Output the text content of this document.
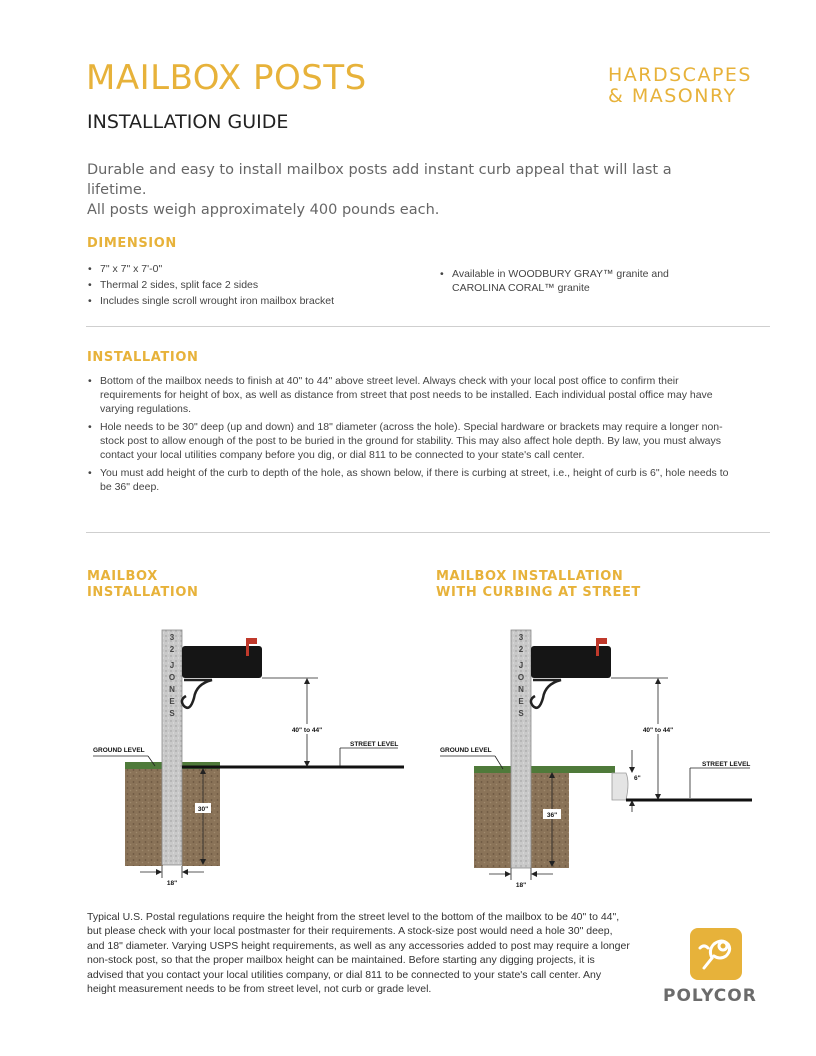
MAILBOX POSTS
INSTALLATION GUIDE
HARDSCAPES
& MASONRY
Durable and easy to install mailbox posts add instant curb appeal that will last a lifetime.
All posts weigh approximately 400 pounds each.
DIMENSION
• 7" x 7" x 7'-0"
• Thermal 2 sides, split face 2 sides
• Includes single scroll wrought iron mailbox bracket
• Available in WOODBURY GRAY™ granite and CAROLINA CORAL™ granite
INSTALLATION
• Bottom of the mailbox needs to finish at 40" to 44" above street level. Always check with your local post office to confirm their requirements for height of box, as well as distance from street that post needs to be installed. Each individual postal office may have varying regulations.
• Hole needs to be 30" deep (up and down) and 18" diameter (across the hole). Special hardware or brackets may require a longer non-stock post to allow enough of the post to be buried in the ground for stability. This may also affect hole depth. By law, you must always contact your local utilities company before you dig, or dial 811 to be connected to your state's call center.
• You must add height of the curb to depth of the hole, as shown below, if there is curbing at street, i.e., height of curb is 6", hole needs to be 36" deep.
MAILBOX
INSTALLATION
MAILBOX INSTALLATION
WITH CURBING AT STREET
3
2
J
O
N
E
S
40" to 44"
GROUND LEVEL
STREET LEVEL
30"
18"
3
2
J
O
N
E
S
40" to 44"
6"
GROUND LEVEL
STREET LEVEL
36"
18"
Typical U.S. Postal regulations require the height from the street level to the bottom of the mailbox to be 40" to 44", but please check with your local postmaster for their requirements. A stock-size post would need a hole 30" deep, and 18" diameter. Varying USPS height requirements, as well as any accessories added to post may require a longer non-stock post, so that the proper mailbox height can be maintained. Before starting any digging projects, it is advised that you contact your local utilities company, or dial 811 to be connected to your state's call center. Any height measurement needs to be from street level, not curb or grade level.	POLYCOR
